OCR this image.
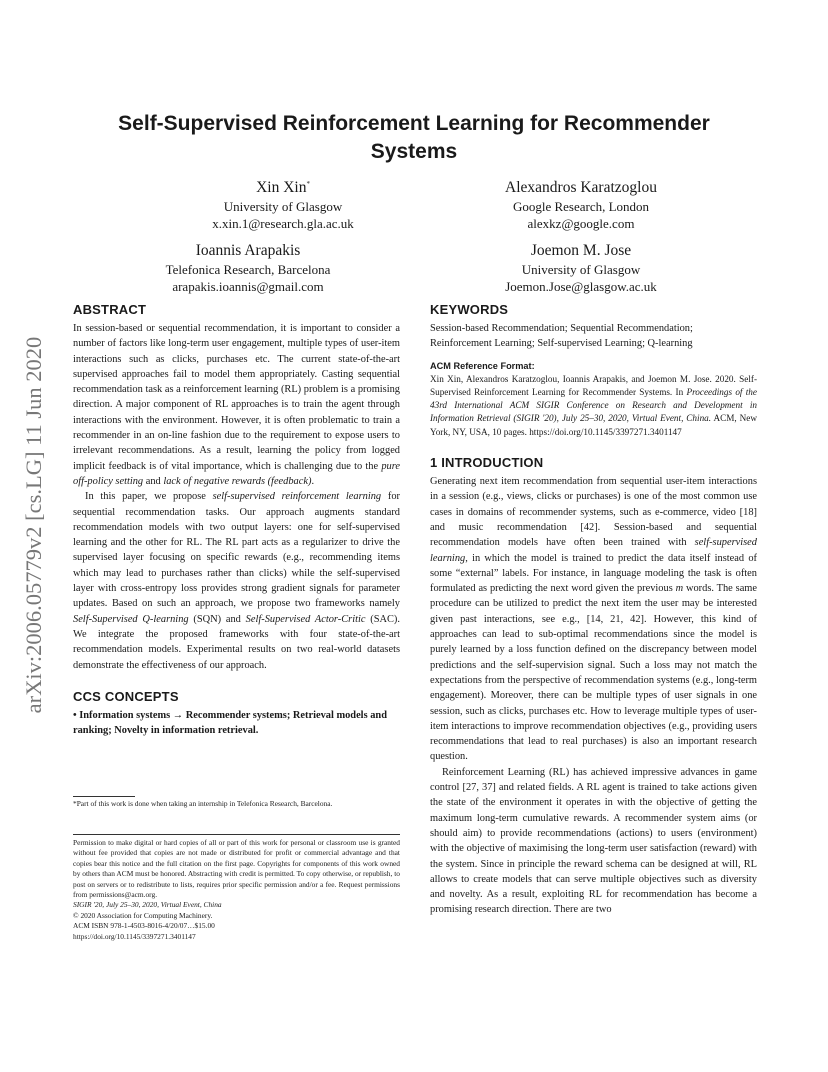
arXiv:2006.05779v2 [cs.LG] 11 Jun 2020
Self-Supervised Reinforcement Learning for Recommender Systems
Xin Xin*
University of Glasgow
x.xin.1@research.gla.ac.uk
Alexandros Karatzoglou
Google Research, London
alexkz@google.com
Ioannis Arapakis
Telefonica Research, Barcelona
arapakis.ioannis@gmail.com
Joemon M. Jose
University of Glasgow
Joemon.Jose@glasgow.ac.uk
ABSTRACT

In session-based or sequential recommendation, it is important to consider a number of factors like long-term user engagement, multiple types of user-item interactions such as clicks, purchases etc. The current state-of-the-art supervised approaches fail to model them appropriately. Casting sequential recommendation task as a reinforcement learning (RL) problem is a promising direction. A major component of RL approaches is to train the agent through interactions with the environment. However, it is often problematic to train a recommender in an on-line fashion due to the requirement to expose users to irrelevant recommendations. As a result, learning the policy from logged implicit feedback is of vital importance, which is challenging due to the pure off-policy setting and lack of negative rewards (feedback).

In this paper, we propose self-supervised reinforcement learning for sequential recommendation tasks. Our approach augments standard recommendation models with two output layers: one for self-supervised learning and the other for RL. The RL part acts as a regularizer to drive the supervised layer focusing on specific rewards (e.g., recommending items which may lead to purchases rather than clicks) while the self-supervised layer with cross-entropy loss provides strong gradient signals for parameter updates. Based on such an approach, we propose two frameworks namely Self-Supervised Q-learning (SQN) and Self-Supervised Actor-Critic (SAC). We integrate the proposed frameworks with four state-of-the-art recommendation models. Experimental results on two real-world datasets demonstrate the effectiveness of our approach.

CCS CONCEPTS

• Information systems → Recommender systems; Retrieval models and ranking; Novelty in information retrieval.

*Part of this work is done when taking an internship in Telefonica Research, Barcelona.
Permission to make digital or hard copies of all or part of this work for personal or classroom use is granted without fee provided that copies are not made or distributed for profit or commercial advantage and that copies bear this notice and the full citation on the first page. Copyrights for components of this work owned by others than ACM must be honored. Abstracting with credit is permitted. To copy otherwise, or republish, to post on servers or to redistribute to lists, requires prior specific permission and/or a fee. Request permissions from permissions@acm.org.
SIGIR '20, July 25–30, 2020, Virtual Event, China
© 2020 Association for Computing Machinery.
ACM ISBN 978-1-4503-8016-4/20/07…$15.00
https://doi.org/10.1145/3397271.3401147
KEYWORDS

Session-based Recommendation; Sequential Recommendation; Reinforcement Learning; Self-supervised Learning; Q-learning

ACM Reference Format:

Xin Xin, Alexandros Karatzoglou, Ioannis Arapakis, and Joemon M. Jose. 2020. Self-Supervised Reinforcement Learning for Recommender Systems. In Proceedings of the 43rd International ACM SIGIR Conference on Research and Development in Information Retrieval (SIGIR '20), July 25–30, 2020, Virtual Event, China. ACM, New York, NY, USA, 10 pages. https://doi.org/10.1145/3397271.3401147

1 INTRODUCTION

Generating next item recommendation from sequential user-item interactions in a session (e.g., views, clicks or purchases) is one of the most common use cases in domains of recommender systems, such as e-commerce, video [18] and music recommendation [42]. Session-based and sequential recommendation models have often been trained with self-supervised learning, in which the model is trained to predict the data itself instead of some “external” labels. For instance, in language modeling the task is often formulated as predicting the next word given the previous m words. The same procedure can be utilized to predict the next item the user may be interested given past interactions, see e.g., [14, 21, 42]. However, this kind of approaches can lead to sub-optimal recommendations since the model is purely learned by a loss function defined on the discrepancy between model predictions and the self-supervision signal. Such a loss may not match the expectations from the perspective of recommendation systems (e.g., long-term engagement). Moreover, there can be multiple types of user signals in one session, such as clicks, purchases etc. How to leverage multiple types of user-item interactions to improve recommendation objectives (e.g., providing users recommendations that lead to real purchases) is also an important research question.

Reinforcement Learning (RL) has achieved impressive advances in game control [27, 37] and related fields. A RL agent is trained to take actions given the state of the environment it operates in with the objective of getting the maximum long-term cumulative rewards. A recommender system aims (or should aim) to provide recommendations (actions) to users (environment) with the objective of maximising the long-term user satisfaction (reward) with the system. Since in principle the reward schema can be designed at will, RL allows to create models that can serve multiple objectives such as diversity and novelty. As a result, exploiting RL for recommendation has become a promising research direction. There are two
